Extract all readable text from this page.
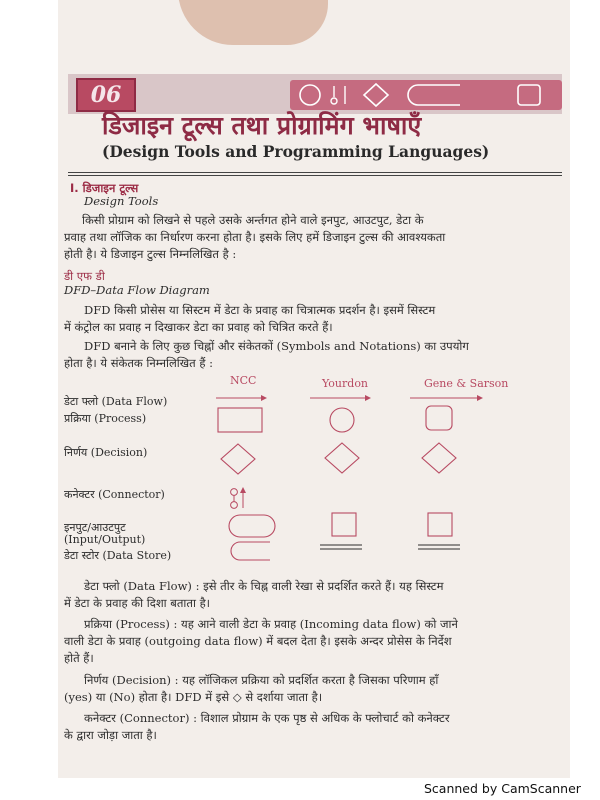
06
डिजाइन टूल्स तथा प्रोग्रामिंग भाषाएँ
(Design Tools and Programming Languages)
I. डिजाइन टूल्स
Design Tools
किसी प्रोग्राम को लिखने से पहले उसके अर्न्तगत होने वाले इनपुट, आउटपुट, डेटा के
प्रवाह तथा लॉजिक का निर्धारण करना होता है। इसके लिए हमें डिजाइन टुल्स की आवश्यकता
होती है। ये डिजाइन टुल्स निम्नलिखित है :
डी एफ डी
DFD–Data Flow Diagram
DFD किसी प्रोसेस या सिस्टम में डेटा के प्रवाह का चित्रात्मक प्रदर्शन है। इसमें सिस्टम
में कंट्रोल का प्रवाह न दिखाकर डेटा का प्रवाह को चित्रित करते हैं।
DFD बनाने के लिए कुछ चिह्नों और संकेतकों (Symbols and Notations) का उपयोग
होता है। ये संकेतक निम्नलिखित हैं :
NCC	Yourdon	Gene & Sarson
डेटा फ्लो (Data Flow)
प्रक्रिया (Process)
निर्णय (Decision)
कनेक्टर (Connector)
इनपुट/आउटपुट
(Input/Output)
डेटा स्टोर (Data Store)
डेटा फ्लो (Data Flow) : इसे तीर के चिह्न वाली रेखा से प्रदर्शित करते हैं। यह सिस्टम
में डेटा के प्रवाह की दिशा बताता है।
प्रक्रिया (Process) : यह आने वाली डेटा के प्रवाह (Incoming data flow) को जाने
वाली डेटा के प्रवाह (outgoing data flow) में बदल देता है। इसके अन्दर प्रोसेस के निर्देश
होते हैं।
निर्णय (Decision) : यह लॉजिकल प्रक्रिया को प्रदर्शित करता है जिसका परिणाम हाँ
(yes) या (No) होता है। DFD में इसे ◇ से दर्शाया जाता है।
कनेक्टर (Connector) : विशाल प्रोग्राम के एक पृष्ठ से अधिक के फ्लोचार्ट को कनेक्टर
के द्वारा जोड़ा जाता है।
Scanned by CamScanner
